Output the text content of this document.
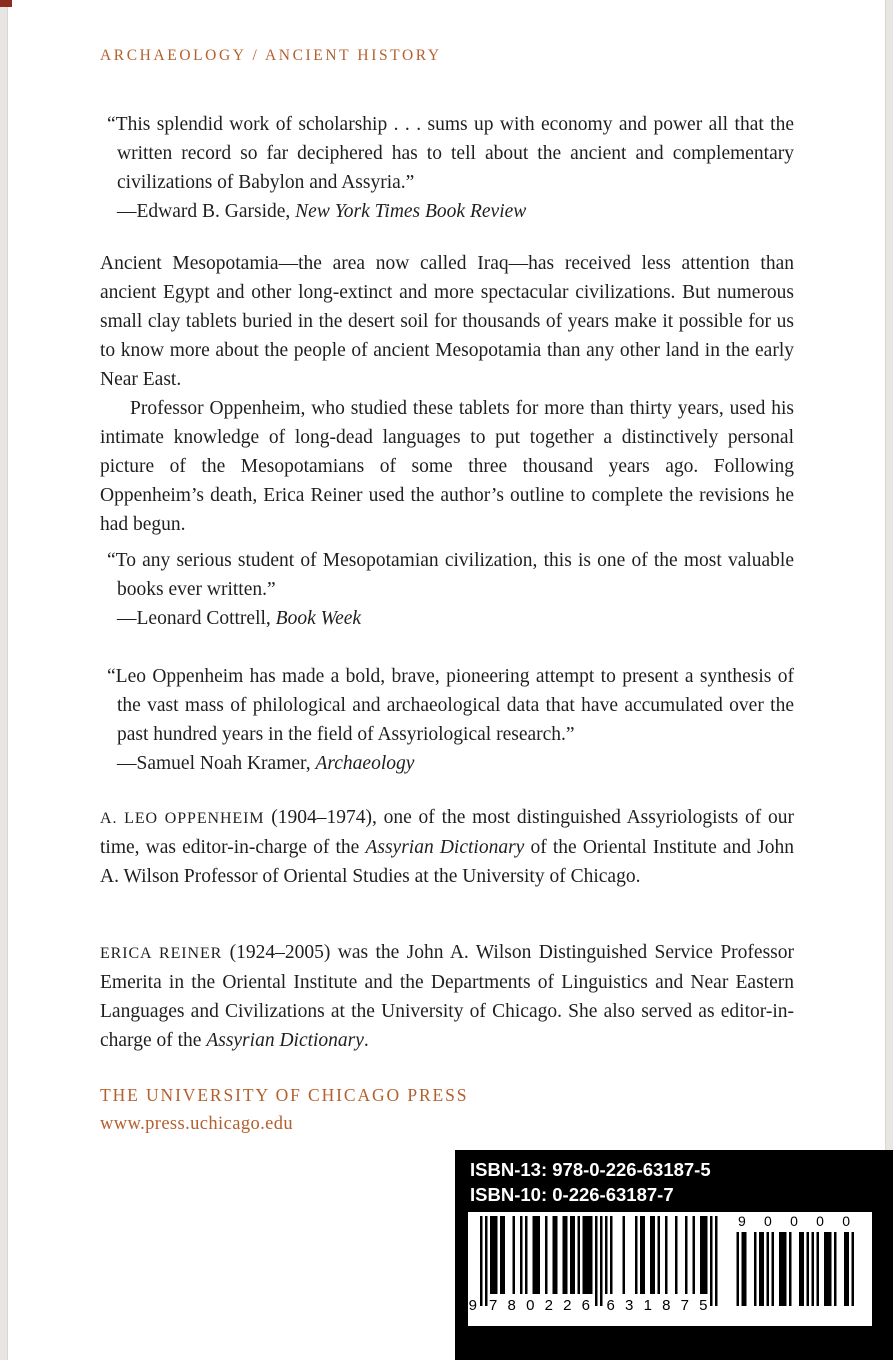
ARCHAEOLOGY / ANCIENT HISTORY

“This splendid work of scholarship . . . sums up with economy and power all that the written record so far deciphered has to tell about the ancient and complementary civilizations of Babylon and Assyria.”

—Edward B. Garside, New York Times Book Review

Ancient Mesopotamia—the area now called Iraq—has received less attention than ancient Egypt and other long-extinct and more spectacular civilizations. But numerous small clay tablets buried in the desert soil for thousands of years make it possible for us to know more about the people of ancient Mesopotamia than any other land in the early Near East.

Professor Oppenheim, who studied these tablets for more than thirty years, used his intimate knowledge of long-dead languages to put together a distinctively personal picture of the Mesopotamians of some three thousand years ago. Following Oppenheim’s death, Erica Reiner used the author’s outline to complete the revisions he had begun.

“To any serious student of Mesopotamian civilization, this is one of the most valuable books ever written.”

—Leonard Cottrell, Book Week

“Leo Oppenheim has made a bold, brave, pioneering attempt to present a synthesis of the vast mass of philological and archaeological data that have accumulated over the past hundred years in the field of Assyriological research.”

—Samuel Noah Kramer, Archaeology

A. LEO OPPENHEIM (1904–1974), one of the most distinguished Assyriologists of our time, was editor-in-charge of the Assyrian Dictionary of the Oriental Institute and John A. Wilson Professor of Oriental Studies at the University of Chicago.

ERICA REINER (1924–2005) was the John A. Wilson Distinguished Service Professor Emerita in the Oriental Institute and the Departments of Linguistics and Near Eastern Languages and Civilizations at the University of Chicago. She also served as editor-in-charge of the Assyrian Dictionary.

THE UNIVERSITY OF CHICAGO PRESS
www.press.uchicago.edu
ISBN-13: 978-0-226-63187-5
ISBN-10: 0-226-63187-7
9 780226 631875
90000
